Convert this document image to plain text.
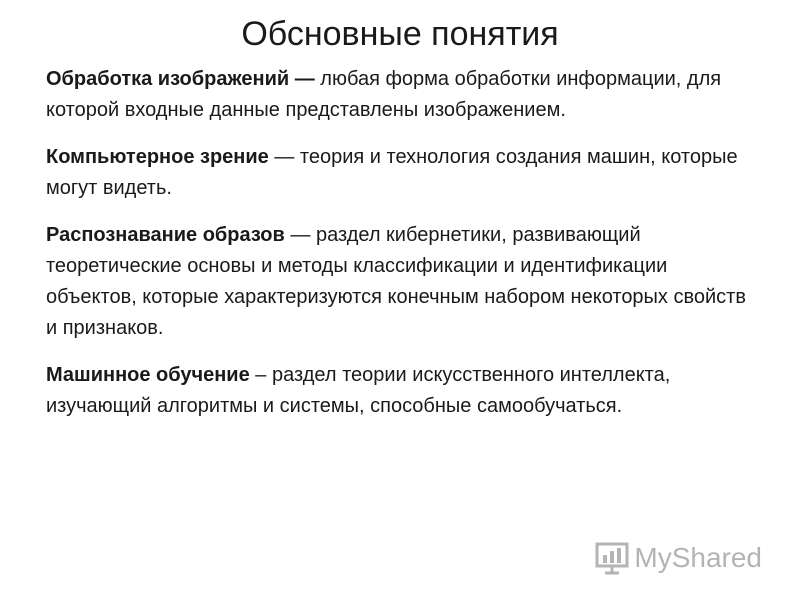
Обсновные понятия

Обработка изображений — любая форма обработки информации, для которой входные данные представлены изображением.

Компьютерное зрение — теория и технология создания машин, которые могут видеть.

Распознавание образов — раздел кибернетики, развивающий теоретические основы и методы классификации и идентификации объектов, которые характеризуются конечным набором некоторых свойств и признаков.

Машинное обучение – раздел теории искусственного интеллекта, изучающий алгоритмы и системы, способные самообучаться.

MyShared
